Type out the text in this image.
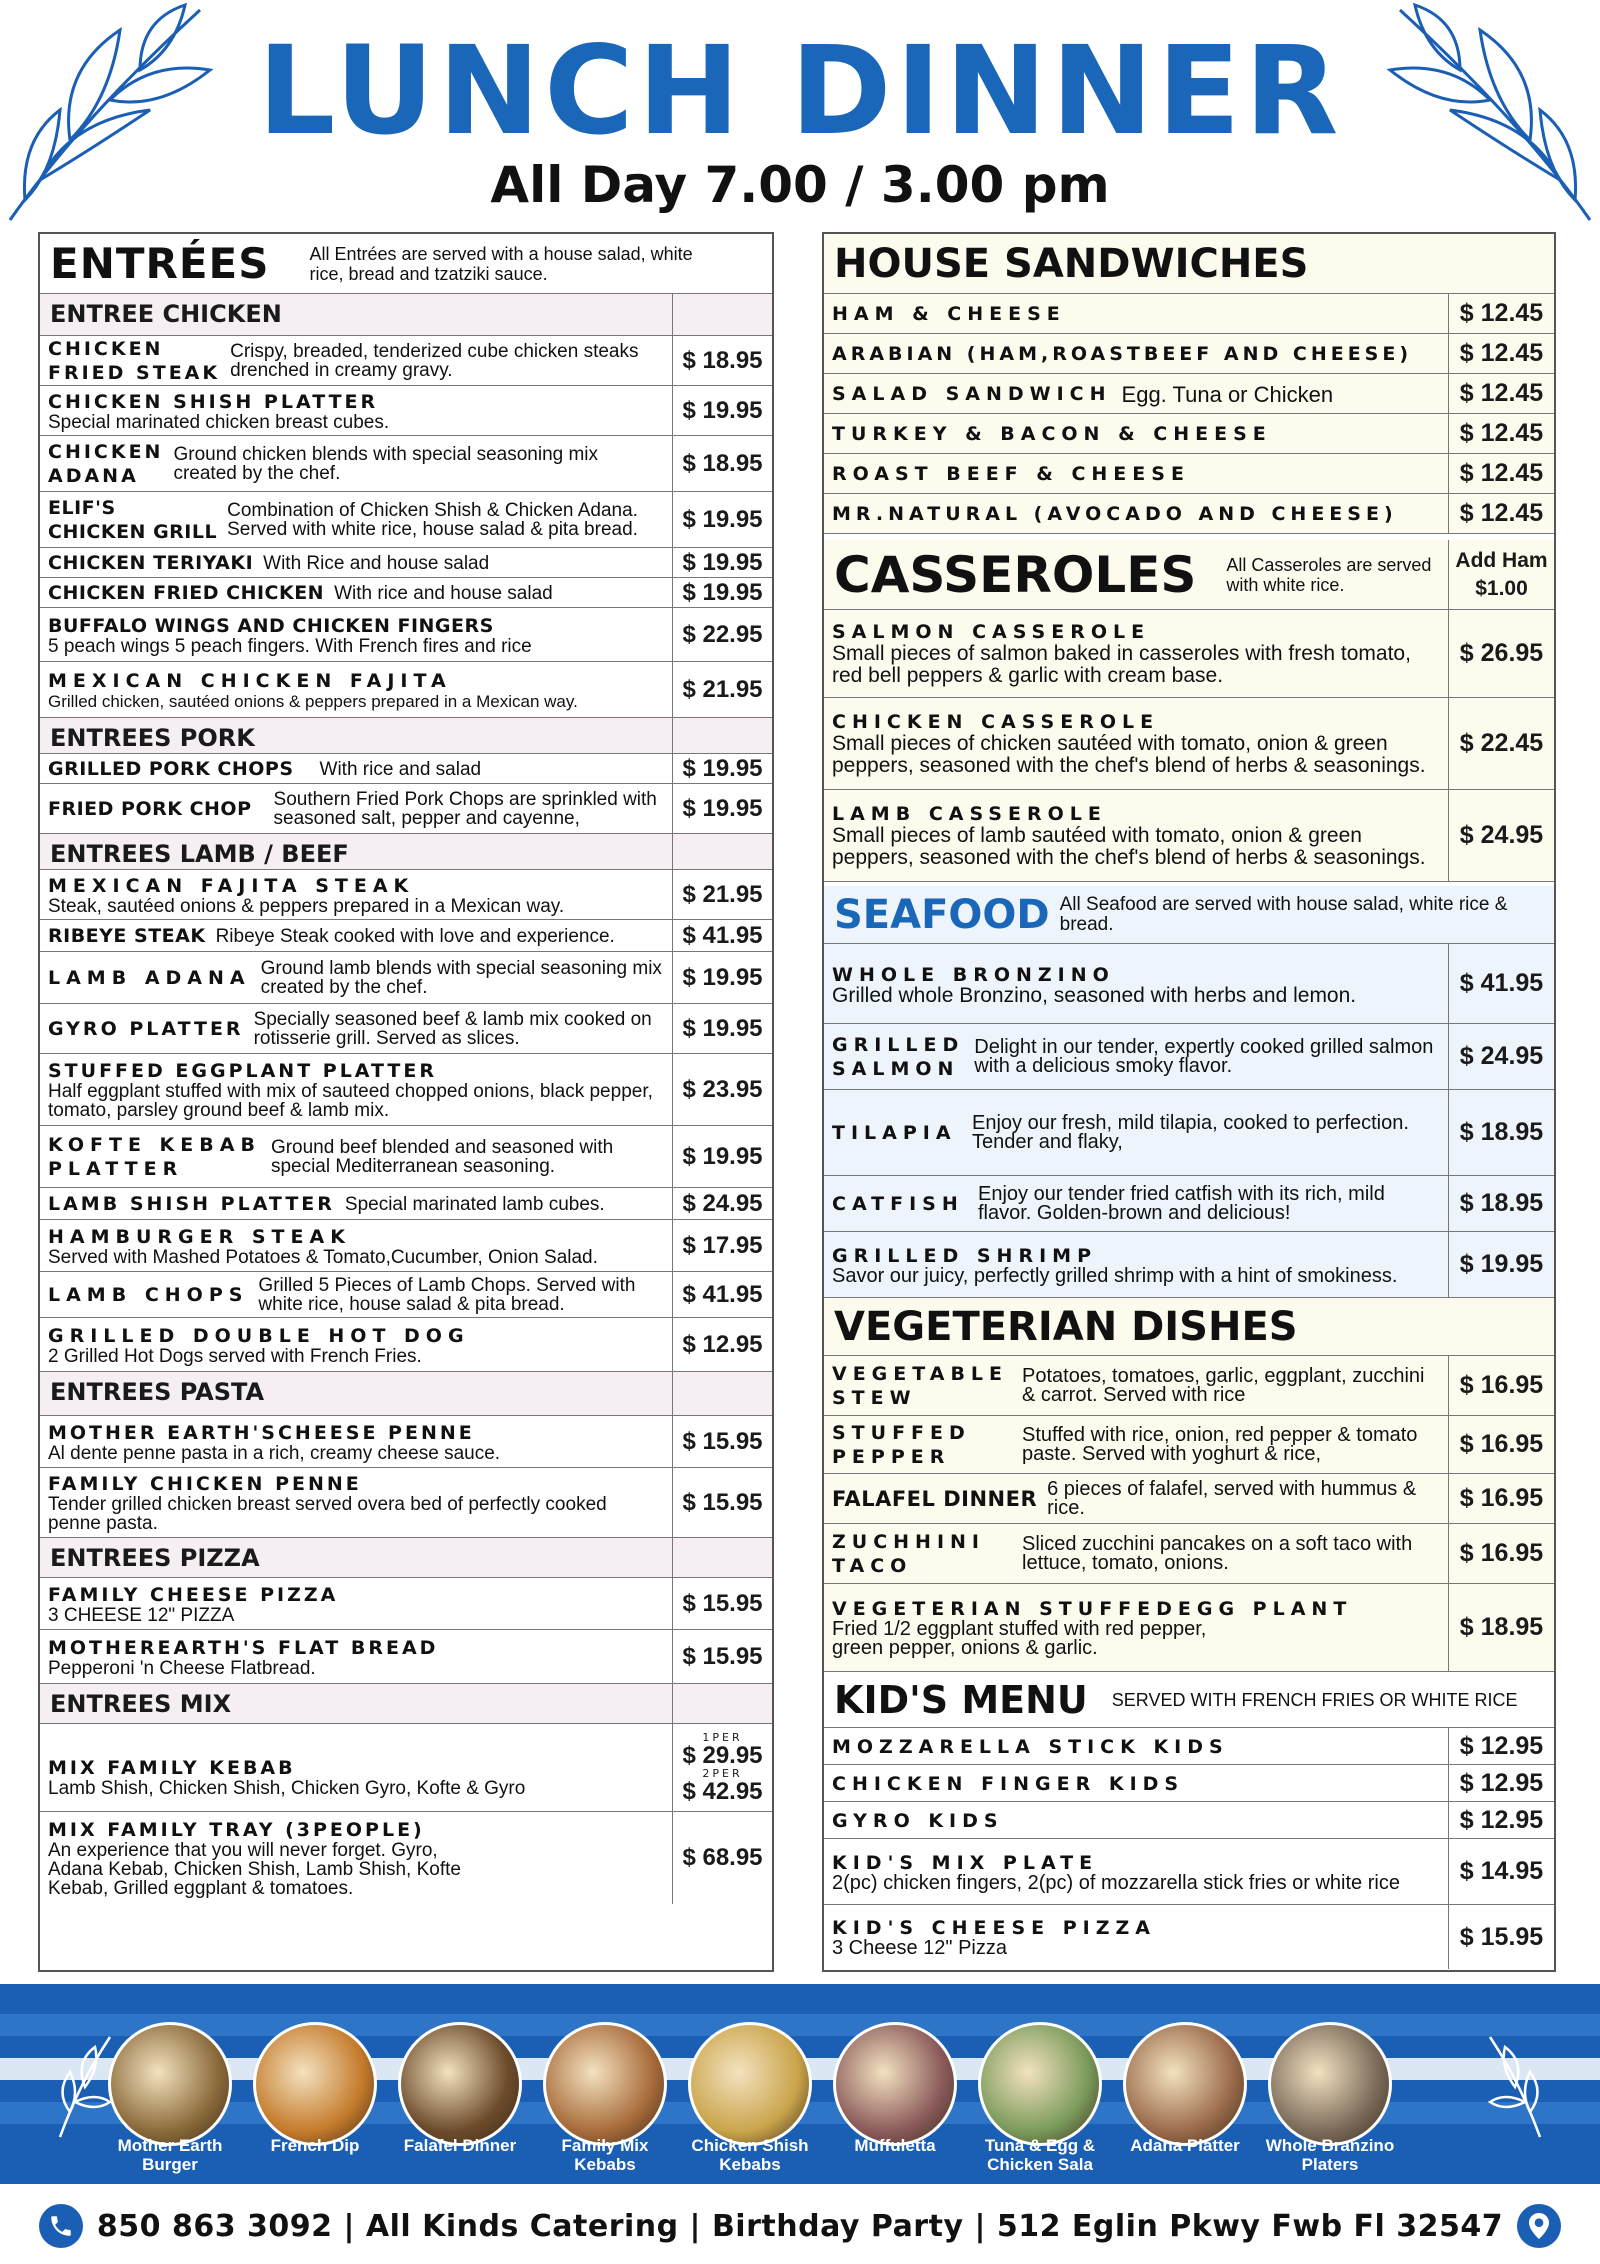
LUNCH DINNER
All Day 7.00 / 3.00 pm
ENTRÉES	All Entrées are served with a house salad, white rice, bread and tzatziki sauce.
ENTREE CHICKEN
CHICKEN
FRIED STEAK
Crispy, breaded, tenderized cube chicken steaks drenched in creamy gravy.	$ 18.95
CHICKEN SHISH PLATTER
Special marinated chicken breast cubes.	$ 19.95
CHICKEN
ADANA
Ground chicken blends with special seasoning mix created by the chef.	$ 18.95
ELIF'S
CHICKEN GRILL
Combination of Chicken Shish & Chicken Adana. Served with white rice, house salad & pita bread.	$ 19.95
CHICKEN TERIYAKI With Rice and house salad	$ 19.95
CHICKEN FRIED CHICKEN With rice and house salad	$ 19.95
BUFFALO WINGS AND CHICKEN FINGERS
5 peach wings 5 peach fingers. With French fires and rice	$ 22.95
MEXICAN CHICKEN FAJITA
Grilled chicken, sautéed onions & peppers prepared in a Mexican way.	$ 21.95
ENTREES PORK
GRILLED PORK CHOPS	With rice and salad	$ 19.95
FRIED PORK CHOP	Southern Fried Pork Chops are sprinkled with seasoned salt, pepper and cayenne,	$ 19.95
ENTREES LAMB / BEEF
MEXICAN FAJITA STEAK
Steak, sautéed onions & peppers prepared in a Mexican way.	$ 21.95
RIBEYE STEAK Ribeye Steak cooked with love and experience.	$ 41.95
LAMB ADANA Ground lamb blends with special seasoning mix created by the chef.	$ 19.95
GYRO PLATTER Specially seasoned beef & lamb mix cooked on rotisserie grill. Served as slices.	$ 19.95
STUFFED EGGPLANT PLATTER
Half eggplant stuffed with mix of sauteed chopped onions, black pepper, tomato, parsley ground beef & lamb mix.
$ 23.95
KOFTE KEBAB
PLATTER
Ground beef blended and seasoned with special Mediterranean seasoning.	$ 19.95
LAMB SHISH PLATTER Special marinated lamb cubes.	$ 24.95
HAMBURGER STEAK
Served with Mashed Potatoes & Tomato,Cucumber, Onion Salad.	$ 17.95
LAMB CHOPS Grilled 5 Pieces of Lamb Chops. Served with white rice, house salad & pita bread.	$ 41.95
GRILLED DOUBLE HOT DOG
2 Grilled Hot Dogs served with French Fries.	$ 12.95
ENTREES PASTA
MOTHER EARTH'SCHEESE PENNE
Al dente penne pasta in a rich, creamy cheese sauce.	$ 15.95
FAMILY CHICKEN PENNE
Tender grilled chicken breast served overa bed of perfectly cooked penne pasta.
$ 15.95
ENTREES PIZZA
FAMILY CHEESE PIZZA
3 CHEESE 12" PIZZA	$ 15.95
MOTHEREARTH'S FLAT BREAD
Pepperoni 'n Cheese Flatbread.	$ 15.95
ENTREES MIX
MIX FAMILY KEBAB
Lamb Shish, Chicken Shish, Chicken Gyro, Kofte & Gyro
1PER
$ 29.95
2PER
$ 42.95
MIX FAMILY TRAY (3PEOPLE)
An experience that you will never forget. Gyro, Adana Kebab, Chicken Shish, Lamb Shish, Kofte Kebab, Grilled eggplant & tomatoes.
$ 68.95
HOUSE SANDWICHES
HAM & CHEESE	$ 12.45
ARABIAN (HAM,ROASTBEEF AND CHEESE)	$ 12.45
SALAD SANDWICH Egg. Tuna or Chicken	$ 12.45
TURKEY & BACON & CHEESE	$ 12.45
ROAST BEEF & CHEESE	$ 12.45
MR.NATURAL (AVOCADO AND CHEESE)	$ 12.45
CASSEROLES	All Casseroles are served with white rice.
Add Ham
$1.00
SALMON CASSEROLE
Small pieces of salmon baked in casseroles with fresh tomato, red bell peppers & garlic with cream base.
$ 26.95
CHICKEN CASSEROLE
Small pieces of chicken sautéed with tomato, onion & green peppers, seasoned with the chef's blend of herbs & seasonings.
$ 22.45
LAMB CASSEROLE
Small pieces of lamb sautéed with tomato, onion & green peppers, seasoned with the chef's blend of herbs & seasonings.
$ 24.95
SEAFOOD All Seafood are served with house salad, white rice & bread.
WHOLE BRONZINO
Grilled whole Bronzino, seasoned with herbs and lemon.	$ 41.95
GRILLED
SALMON
Delight in our tender, expertly cooked grilled salmon with a delicious smoky flavor.	$ 24.95
TILAPIA Enjoy our fresh, mild tilapia, cooked to perfection. Tender and flaky,	$ 18.95
CATFISH Enjoy our tender fried catfish with its rich, mild flavor. Golden-brown and delicious!	$ 18.95
GRILLED SHRIMP
Savor our juicy, perfectly grilled shrimp with a hint of smokiness.	$ 19.95
VEGETERIAN DISHES
VEGETABLE
STEW
Potatoes, tomatoes, garlic, eggplant, zucchini & carrot. Served with rice	$ 16.95
STUFFED
PEPPER
Stuffed with rice, onion, red pepper & tomato paste. Served with yoghurt & rice,	$ 16.95
FALAFEL DINNER 6 pieces of falafel, served with hummus & rice.	$ 16.95
ZUCHHINI
TACO
Sliced zucchini pancakes on a soft taco with lettuce, tomato, onions.	$ 16.95
VEGETERIAN STUFFEDEGG PLANT
Fried 1/2 eggplant stuffed with red pepper, green pepper, onions & garlic.
$ 18.95
KID'S MENU	SERVED WITH FRENCH FRIES OR WHITE RICE
MOZZARELLA STICK KIDS	$ 12.95
CHICKEN FINGER KIDS	$ 12.95
GYRO KIDS	$ 12.95
KID'S MIX PLATE
2(pc) chicken fingers, 2(pc) of mozzarella stick fries or white rice	$ 14.95
KID'S CHEESE PIZZA
3 Cheese 12" Pizza	$ 15.95
Mother Earth Burger
French Dip	Falafel Dinner	Family Mix Kebabs
Chicken Shish Kebabs
Muffuletta	Tuna & Egg & Chicken Sala
Adana Platter	Whole Branzino Platers
850 863 3092 | All Kinds Catering | Birthday Party | 512 Eglin Pkwy Fwb Fl 32547
